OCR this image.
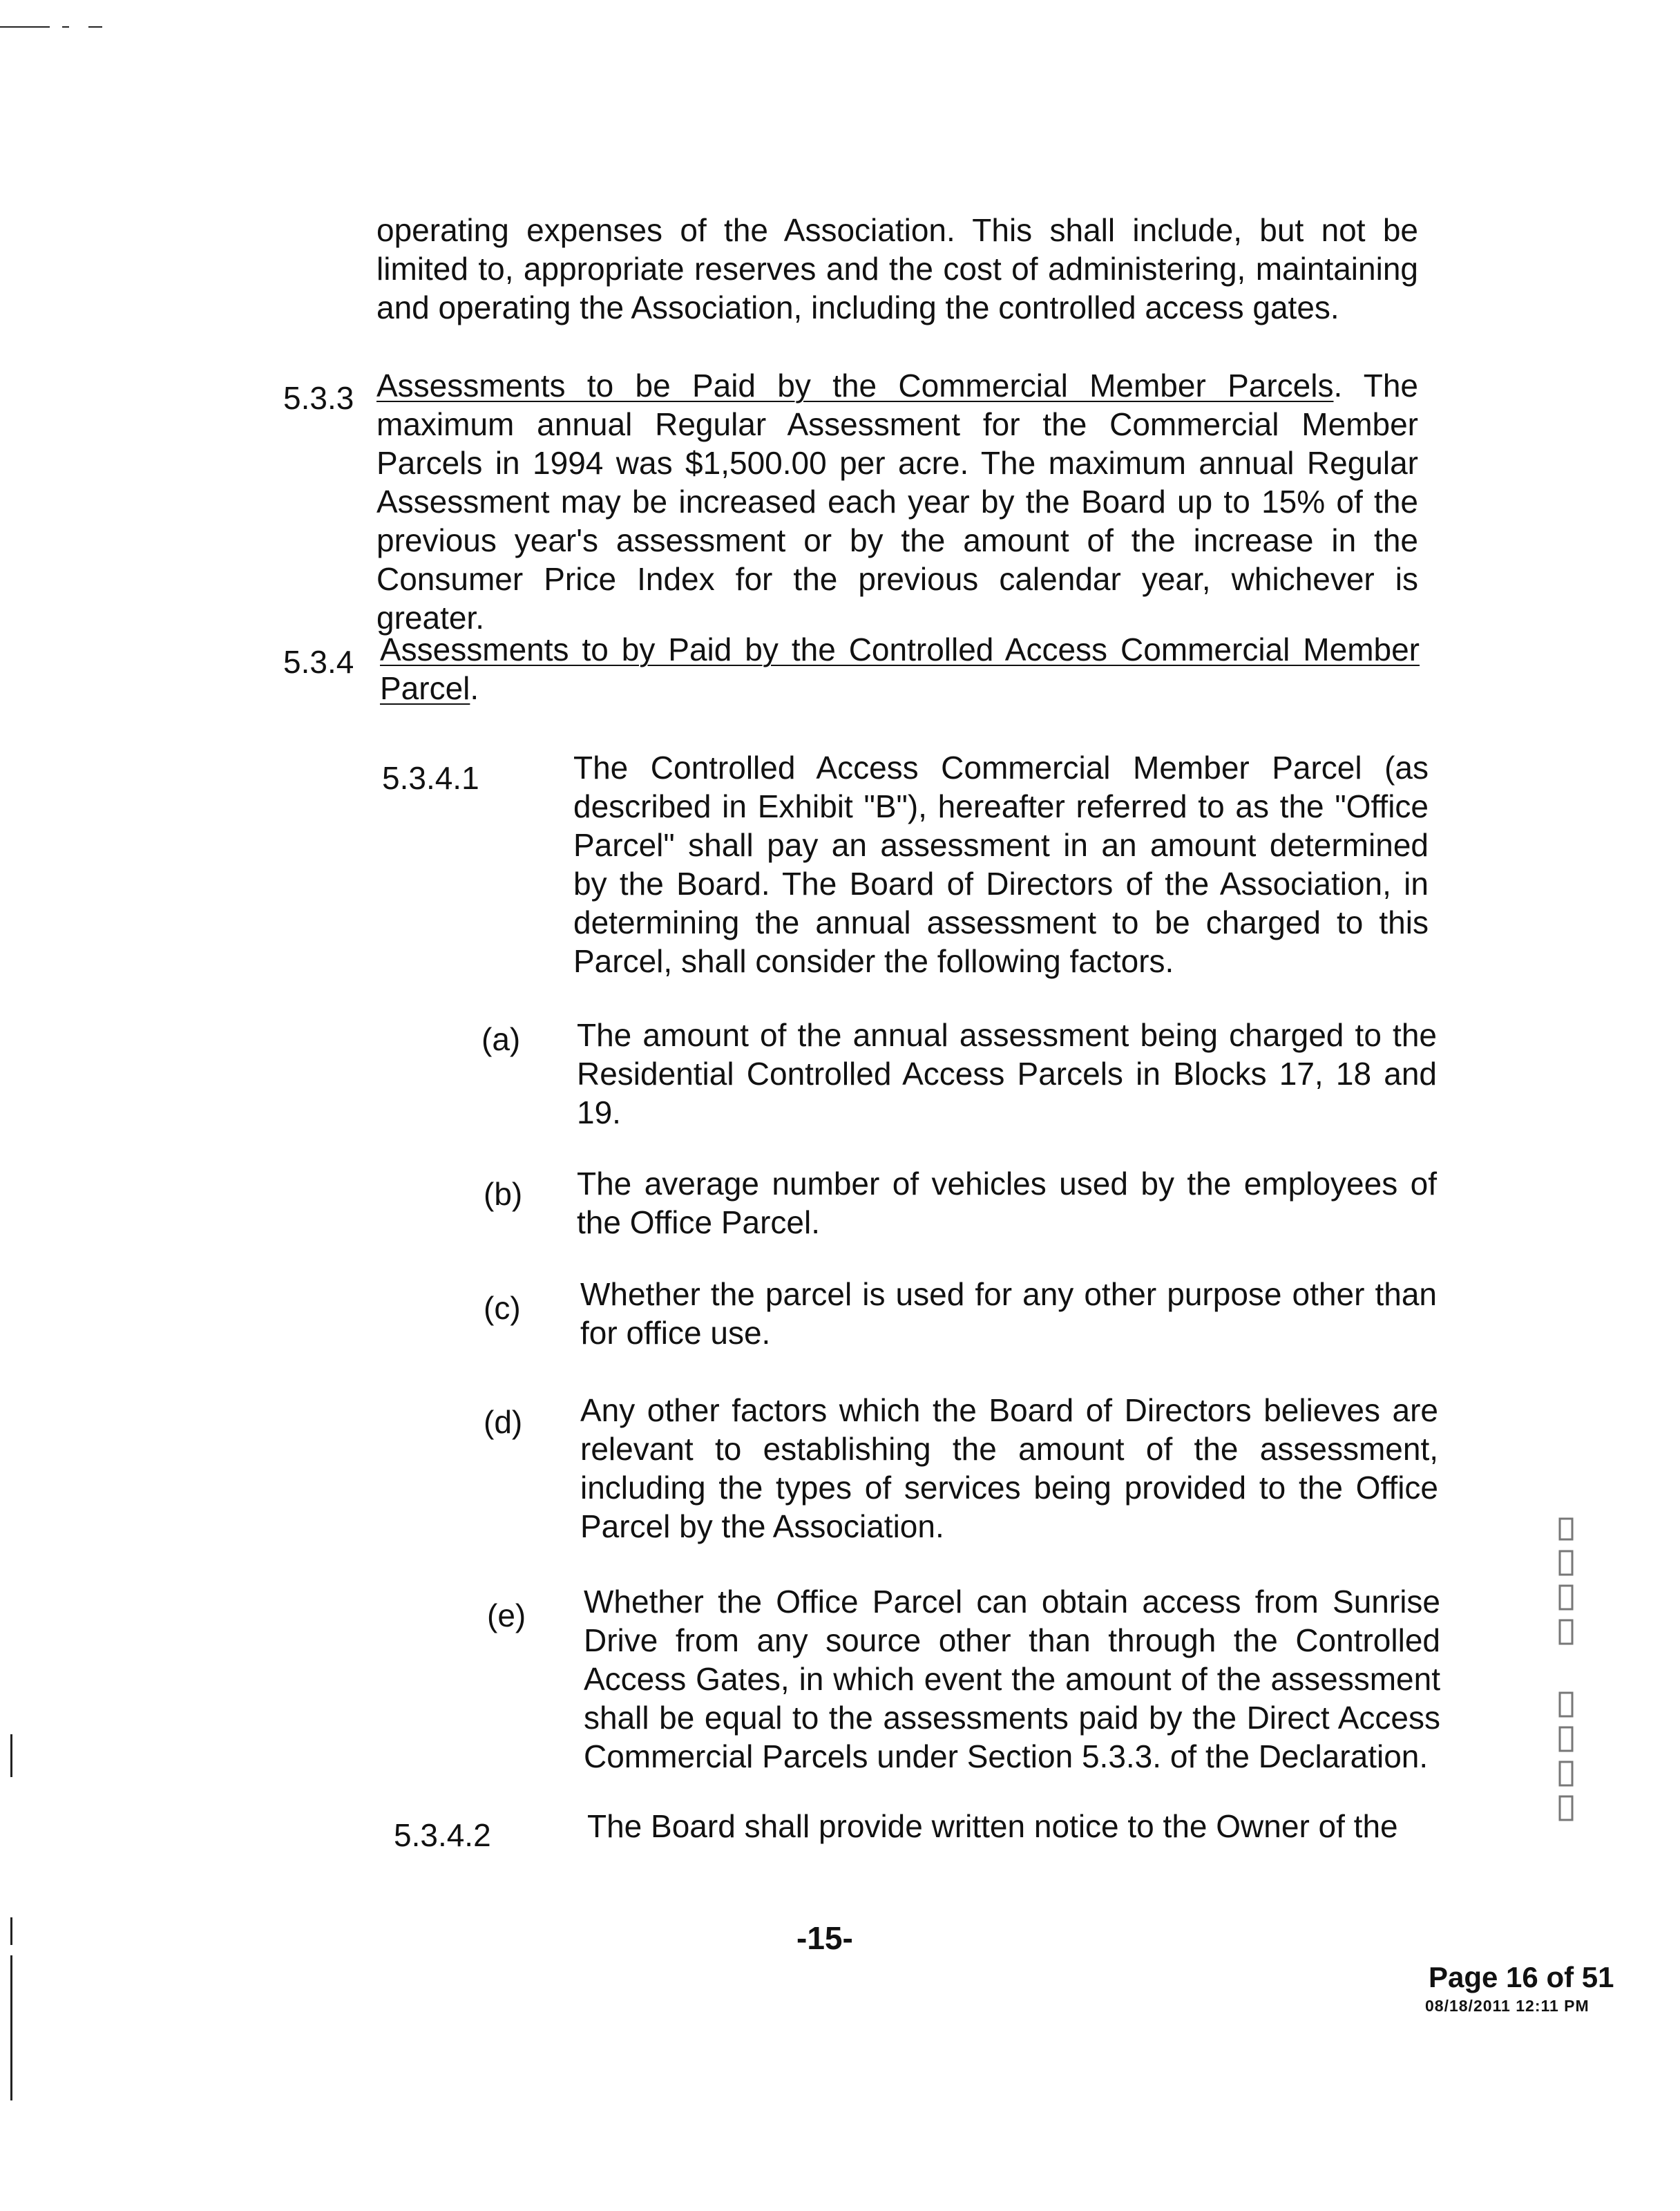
operating expenses of the Association. This shall include, but not be limited to, appropriate reserves and the cost of administering, maintaining and operating the Association, including the controlled access gates.

5.3.3 Assessments to be Paid by the Commercial Member Parcels. The maximum annual Regular Assessment for the Commercial Member Parcels in 1994 was $1,500.00 per acre. The maximum annual Regular Assessment may be increased each year by the Board up to 15% of the previous year's assessment or by the amount of the increase in the Consumer Price Index for the previous calendar year, whichever is greater.

5.3.4 Assessments to by Paid by the Controlled Access Commercial Member Parcel.

5.3.4.1	The Controlled Access Commercial Member Parcel (as described in Exhibit "B"), hereafter referred to as the "Office Parcel" shall pay an assessment in an amount determined by the Board. The Board of Directors of the Association, in determining the annual assessment to be charged to this Parcel, shall consider the following factors.

(a) The amount of the annual assessment being charged to the Residential Controlled Access Parcels in Blocks 17, 18 and 19.

(b) The average number of vehicles used by the employees of the Office Parcel.

(c) Whether the parcel is used for any other purpose other than for office use.

(d) Any other factors which the Board of Directors believes are relevant to establishing the amount of the assessment, including the types of services being provided to the Office Parcel by the Association.

(e) Whether the Office Parcel can obtain access from Sunrise Drive from any source other than through the Controlled Access Gates, in which event the amount of the assessment shall be equal to the assessments paid by the Direct Access Commercial Parcels under Section 5.3.3. of the Declaration.

5.3.4.2	The Board shall provide written notice to the Owner of the

-15-
Page 16 of 51
08/18/2011 12:11 PM
